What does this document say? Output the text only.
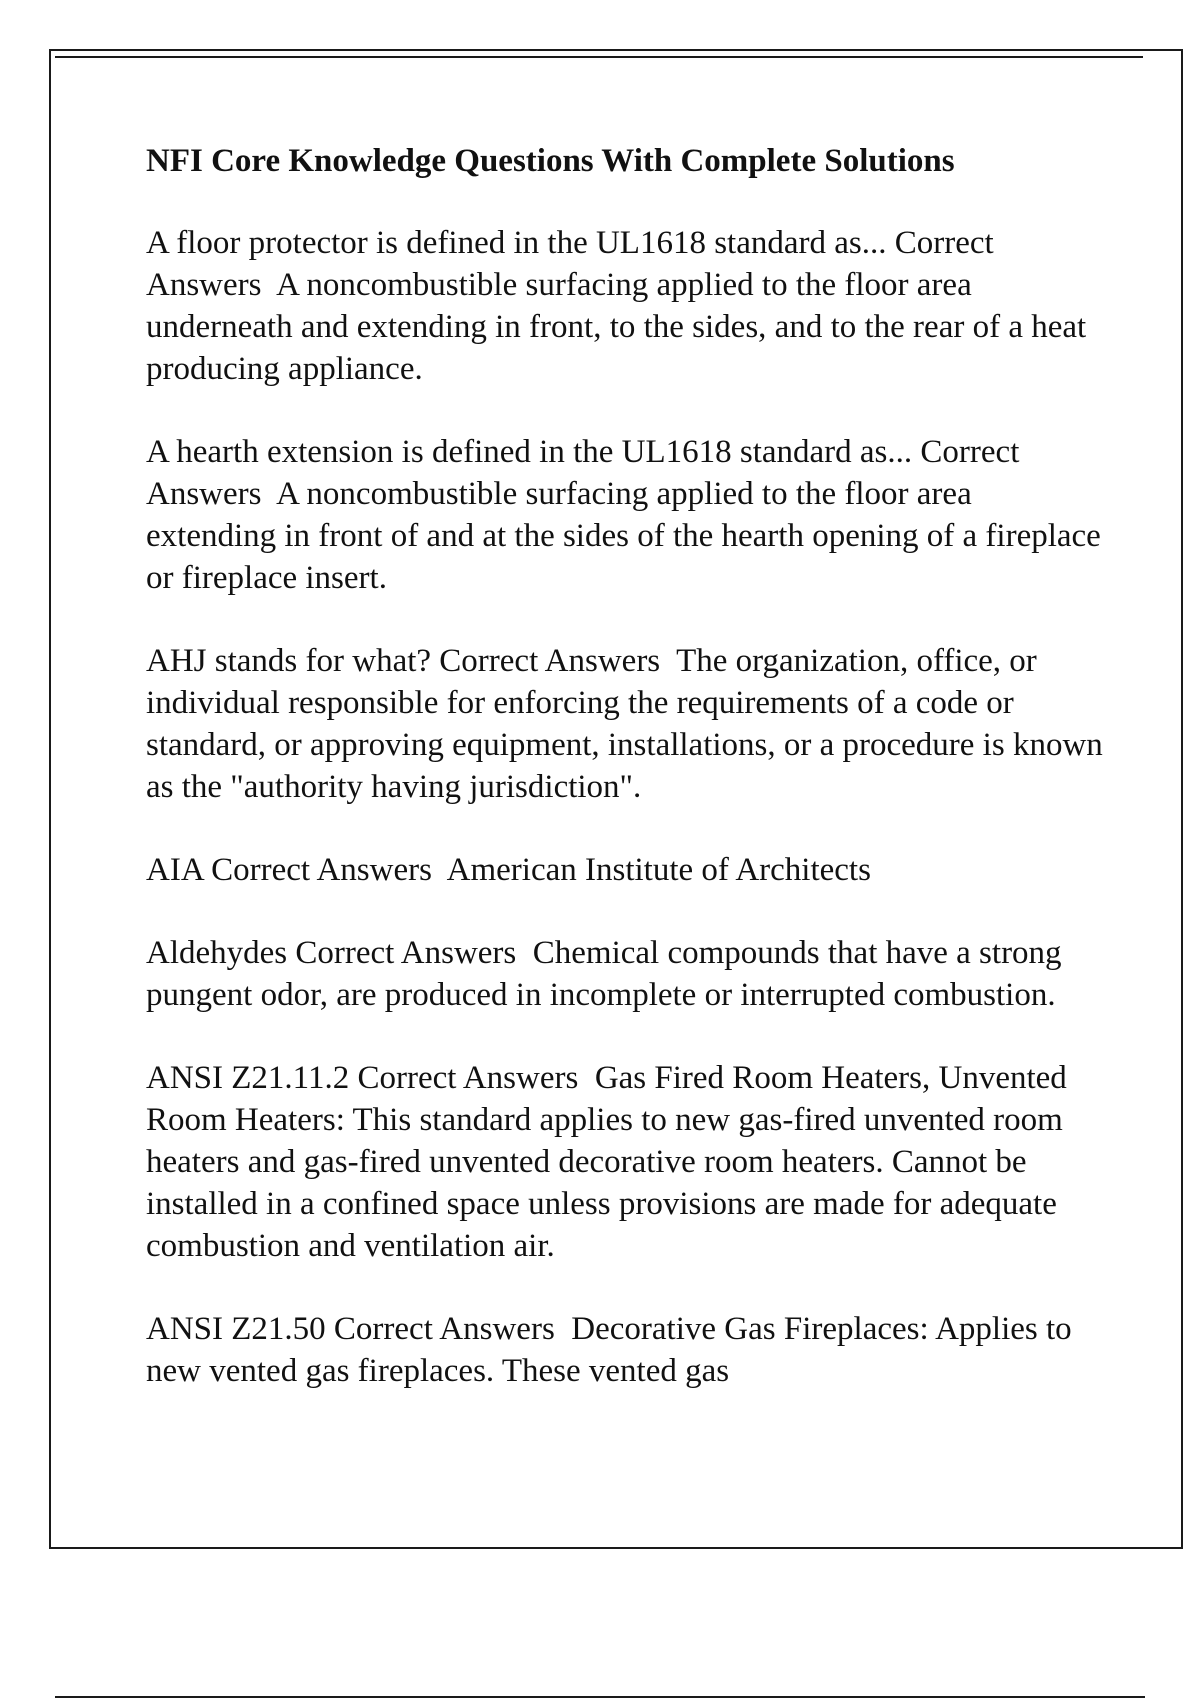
NFI Core Knowledge Questions With Complete Solutions

A floor protector is defined in the UL1618 standard as... Correct Answers A noncombustible surfacing applied to the floor area underneath and extending in front, to the sides, and to the rear of a heat producing appliance.

A hearth extension is defined in the UL1618 standard as... Correct Answers A noncombustible surfacing applied to the floor area extending in front of and at the sides of the hearth opening of a fireplace or fireplace insert.

AHJ stands for what? Correct Answers The organization, office, or individual responsible for enforcing the requirements of a code or standard, or approving equipment, installations, or a procedure is known as the "authority having jurisdiction".

AIA Correct Answers American Institute of Architects

Aldehydes Correct Answers Chemical compounds that have a strong pungent odor, are produced in incomplete or interrupted combustion.

ANSI Z21.11.2 Correct Answers Gas Fired Room Heaters, Unvented Room Heaters: This standard applies to new gas-fired unvented room heaters and gas-fired unvented decorative room heaters. Cannot be installed in a confined space unless provisions are made for adequate combustion and ventilation air.

ANSI Z21.50 Correct Answers Decorative Gas Fireplaces: Applies to new vented gas fireplaces. These vented gas
